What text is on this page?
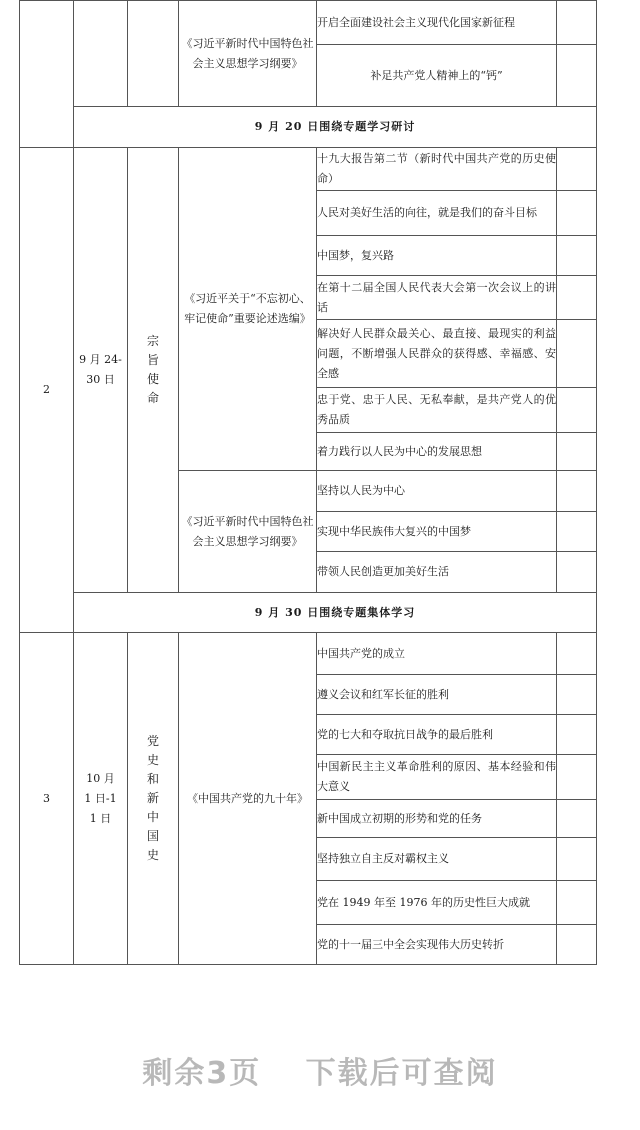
			《习近平新时代中国特色社会主义思想学习纲要》	开启全面建设社会主义现代化国家新征程	
				补足共产党人精神上的“钙”	
	9 月 20 日围绕专题学习研讨				
2	9 月 24-30 日	宗旨使命	《习近平关于“不忘初心、牢记使命”重要论述选编》	十九大报告第二节（新时代中国共产党的历史使命）	
				人民对美好生活的向往，就是我们的奋斗目标	
				中国梦，复兴路	
				在第十二届全国人民代表大会第一次会议上的讲话	
				解决好人民群众最关心、最直接、最现实的利益问题，不断增强人民群众的获得感、幸福感、安全感	
				忠于党、忠于人民、无私奉献，是共产党人的优秀品质	
				着力践行以人民为中心的发展思想	
			《习近平新时代中国特色社会主义思想学习纲要》	坚持以人民为中心	
				实现中华民族伟大复兴的中国梦	
				带领人民创造更加美好生活	
	9 月 30 日围绕专题集体学习				
3	10 月 1 日-11 日	党史和新中国史	《中国共产党的九十年》	中国共产党的成立	
				遵义会议和红军长征的胜利	
				党的七大和夺取抗日战争的最后胜利	
				中国新民主主义革命胜利的原因、基本经验和伟大意义	
				新中国成立初期的形势和党的任务	
				坚持独立自主反对霸权主义	
				党在 1949 年至 1976 年的历史性巨大成就	
				党的十一届三中全会实现伟大历史转折	
剩余3页 下载后可查阅
